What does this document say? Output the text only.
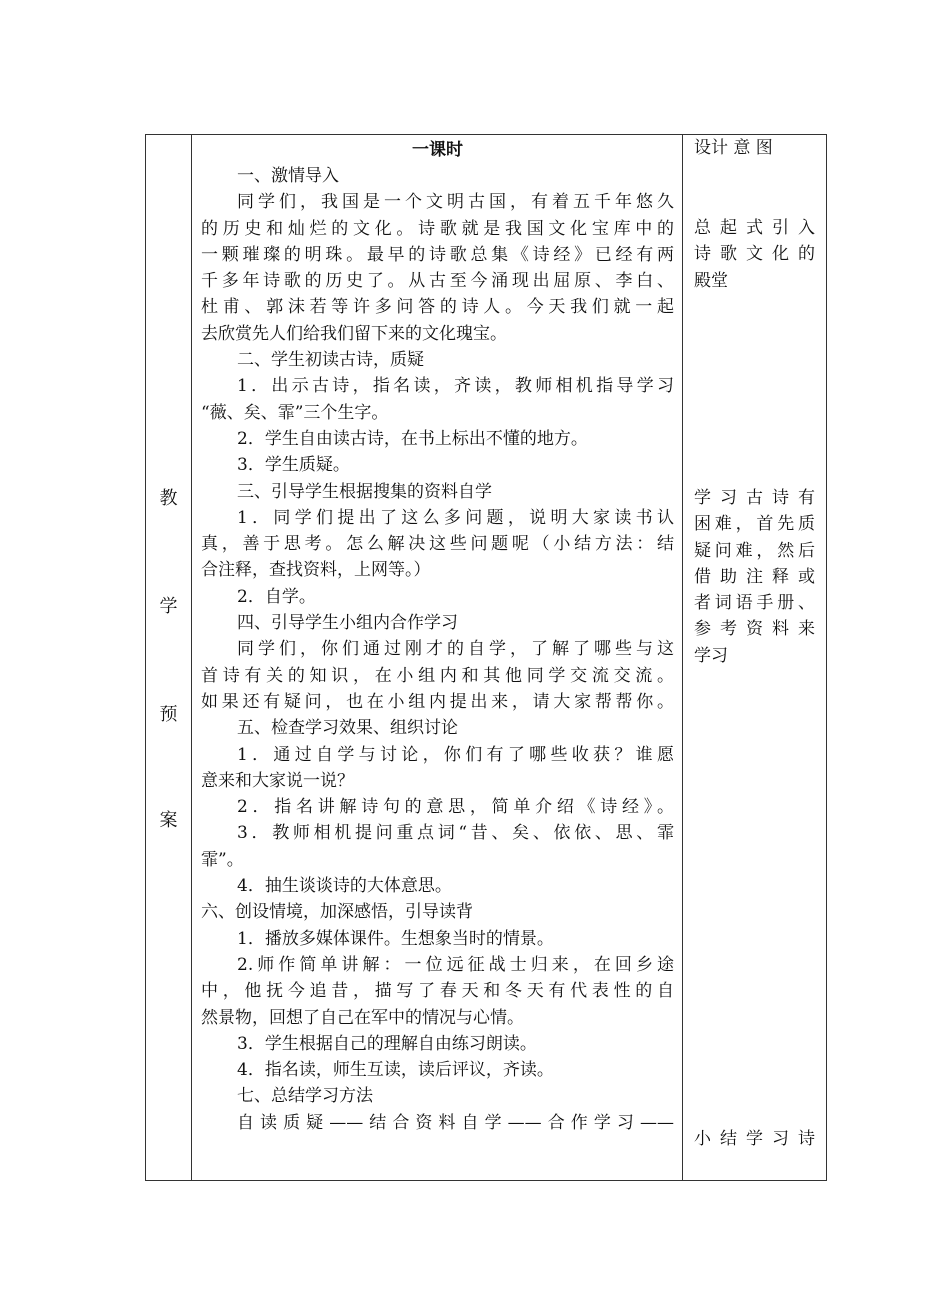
教
学
预
案

一课时
一、激情导入
同学们，我国是一个文明古国，有着五千年悠久
的历史和灿烂的文化。诗歌就是我国文化宝库中的
一颗璀璨的明珠。最早的诗歌总集《诗经》已经有两
千多年诗歌的历史了。从古至今涌现出屈原、李白、
杜甫、郭沫若等许多问答的诗人。今天我们就一起
去欣赏先人们给我们留下来的文化瑰宝。
二、学生初读古诗，质疑
1．出示古诗，指名读，齐读，教师相机指导学习
“薇、矣、霏”三个生字。
2．学生自由读古诗，在书上标出不懂的地方。
3．学生质疑。
三、引导学生根据搜集的资料自学
1．同学们提出了这么多问题，说明大家读书认
真，善于思考。怎么解决这些问题呢（小结方法：结
合注释，查找资料，上网等。）
2．自学。
四、引导学生小组内合作学习
同学们，你们通过刚才的自学，了解了哪些与这
首诗有关的知识，在小组内和其他同学交流交流。
如果还有疑问，也在小组内提出来，请大家帮帮你。
五、检查学习效果、组织讨论
1．通过自学与讨论，你们有了哪些收获？谁愿
意来和大家说一说？
2．指名讲解诗句的意思，简单介绍《诗经》。
3．教师相机提问重点词“昔、矣、依依、思、霏
霏”。
4．抽生谈谈诗的大体意思。
六、创设情境，加深感悟，引导读背
1．播放多媒体课件。生想象当时的情景。
2.师作简单讲解：一位远征战士归来，在回乡途
中，他抚今追昔，描写了春天和冬天有代表性的自
然景物，回想了自己在军中的情况与心情。
3．学生根据自己的理解自由练习朗读。
4．指名读，师生互读，读后评议，齐读。
七、总结学习方法
自读质疑——结合资料自学——合作学习——

设计 意 图
总起式引入
诗歌文化的
殿堂
学习古诗有
困难，首先质
疑问难，然后
借助注释或
者词语手册、
参考资料来
学习
小结学习诗
